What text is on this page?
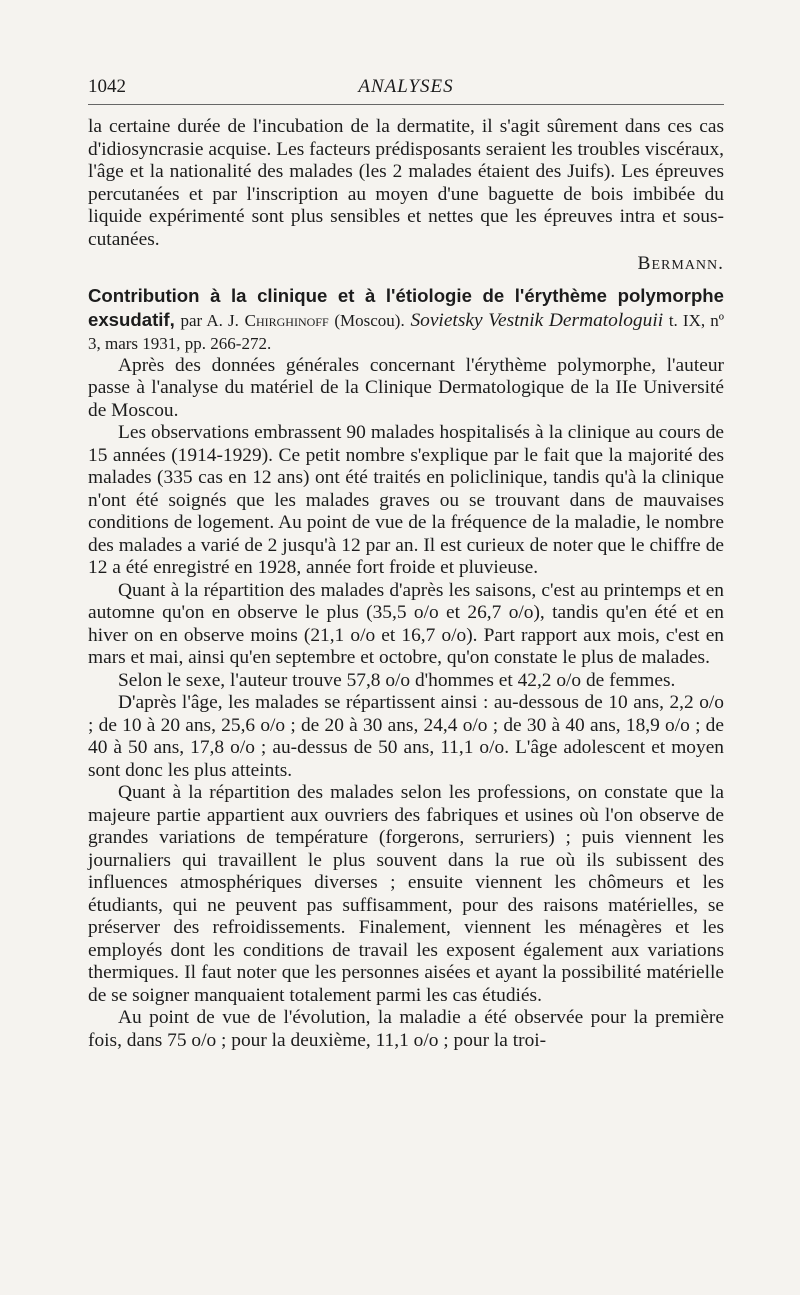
1042	ANALYSES

la certaine durée de l'incubation de la dermatite, il s'agit sûrement dans ces cas d'idiosyncrasie acquise. Les facteurs prédisposants seraient les troubles viscéraux, l'âge et la nationalité des malades (les 2 malades étaient des Juifs). Les épreuves percutanées et par l'inscription au moyen d'une baguette de bois imbibée du liquide expérimenté sont plus sensibles et nettes que les épreuves intra et sous-cutanées.

Bermann.

Contribution à la clinique et à l'étiologie de l'érythème polymorphe exsudatif, par A. J. Chirghinoff (Moscou). Sovietsky Vestnik Dermatologuii t. IX, nº 3, mars 1931, pp. 266-272.

Après des données générales concernant l'érythème polymorphe, l'auteur passe à l'analyse du matériel de la Clinique Dermatologique de la IIe Université de Moscou.

Les observations embrassent 90 malades hospitalisés à la clinique au cours de 15 années (1914-1929). Ce petit nombre s'explique par le fait que la majorité des malades (335 cas en 12 ans) ont été traités en policlinique, tandis qu'à la clinique n'ont été soignés que les malades graves ou se trouvant dans de mauvaises conditions de logement. Au point de vue de la fréquence de la maladie, le nombre des malades a varié de 2 jusqu'à 12 par an. Il est curieux de noter que le chiffre de 12 a été enregistré en 1928, année fort froide et pluvieuse.

Quant à la répartition des malades d'après les saisons, c'est au printemps et en automne qu'on en observe le plus (35,5 o/o et 26,7 o/o), tandis qu'en été et en hiver on en observe moins (21,1 o/o et 16,7 o/o). Part rapport aux mois, c'est en mars et mai, ainsi qu'en septembre et octobre, qu'on constate le plus de malades.

Selon le sexe, l'auteur trouve 57,8 o/o d'hommes et 42,2 o/o de femmes.

D'après l'âge, les malades se répartissent ainsi : au-dessous de 10 ans, 2,2 o/o ; de 10 à 20 ans, 25,6 o/o ; de 20 à 30 ans, 24,4 o/o ; de 30 à 40 ans, 18,9 o/o ; de 40 à 50 ans, 17,8 o/o ; au-dessus de 50 ans, 11,1 o/o. L'âge adolescent et moyen sont donc les plus atteints.

Quant à la répartition des malades selon les professions, on constate que la majeure partie appartient aux ouvriers des fabriques et usines où l'on observe de grandes variations de température (forgerons, serruriers) ; puis viennent les journaliers qui travaillent le plus souvent dans la rue où ils subissent des influences atmosphériques diverses ; ensuite viennent les chômeurs et les étudiants, qui ne peuvent pas suffisamment, pour des raisons matérielles, se préserver des refroidissements. Finalement, viennent les ménagères et les employés dont les conditions de travail les exposent également aux variations thermiques. Il faut noter que les personnes aisées et ayant la possibilité matérielle de se soigner manquaient totalement parmi les cas étudiés.

Au point de vue de l'évolution, la maladie a été observée pour la première fois, dans 75 o/o ; pour la deuxième, 11,1 o/o ; pour la troi-
